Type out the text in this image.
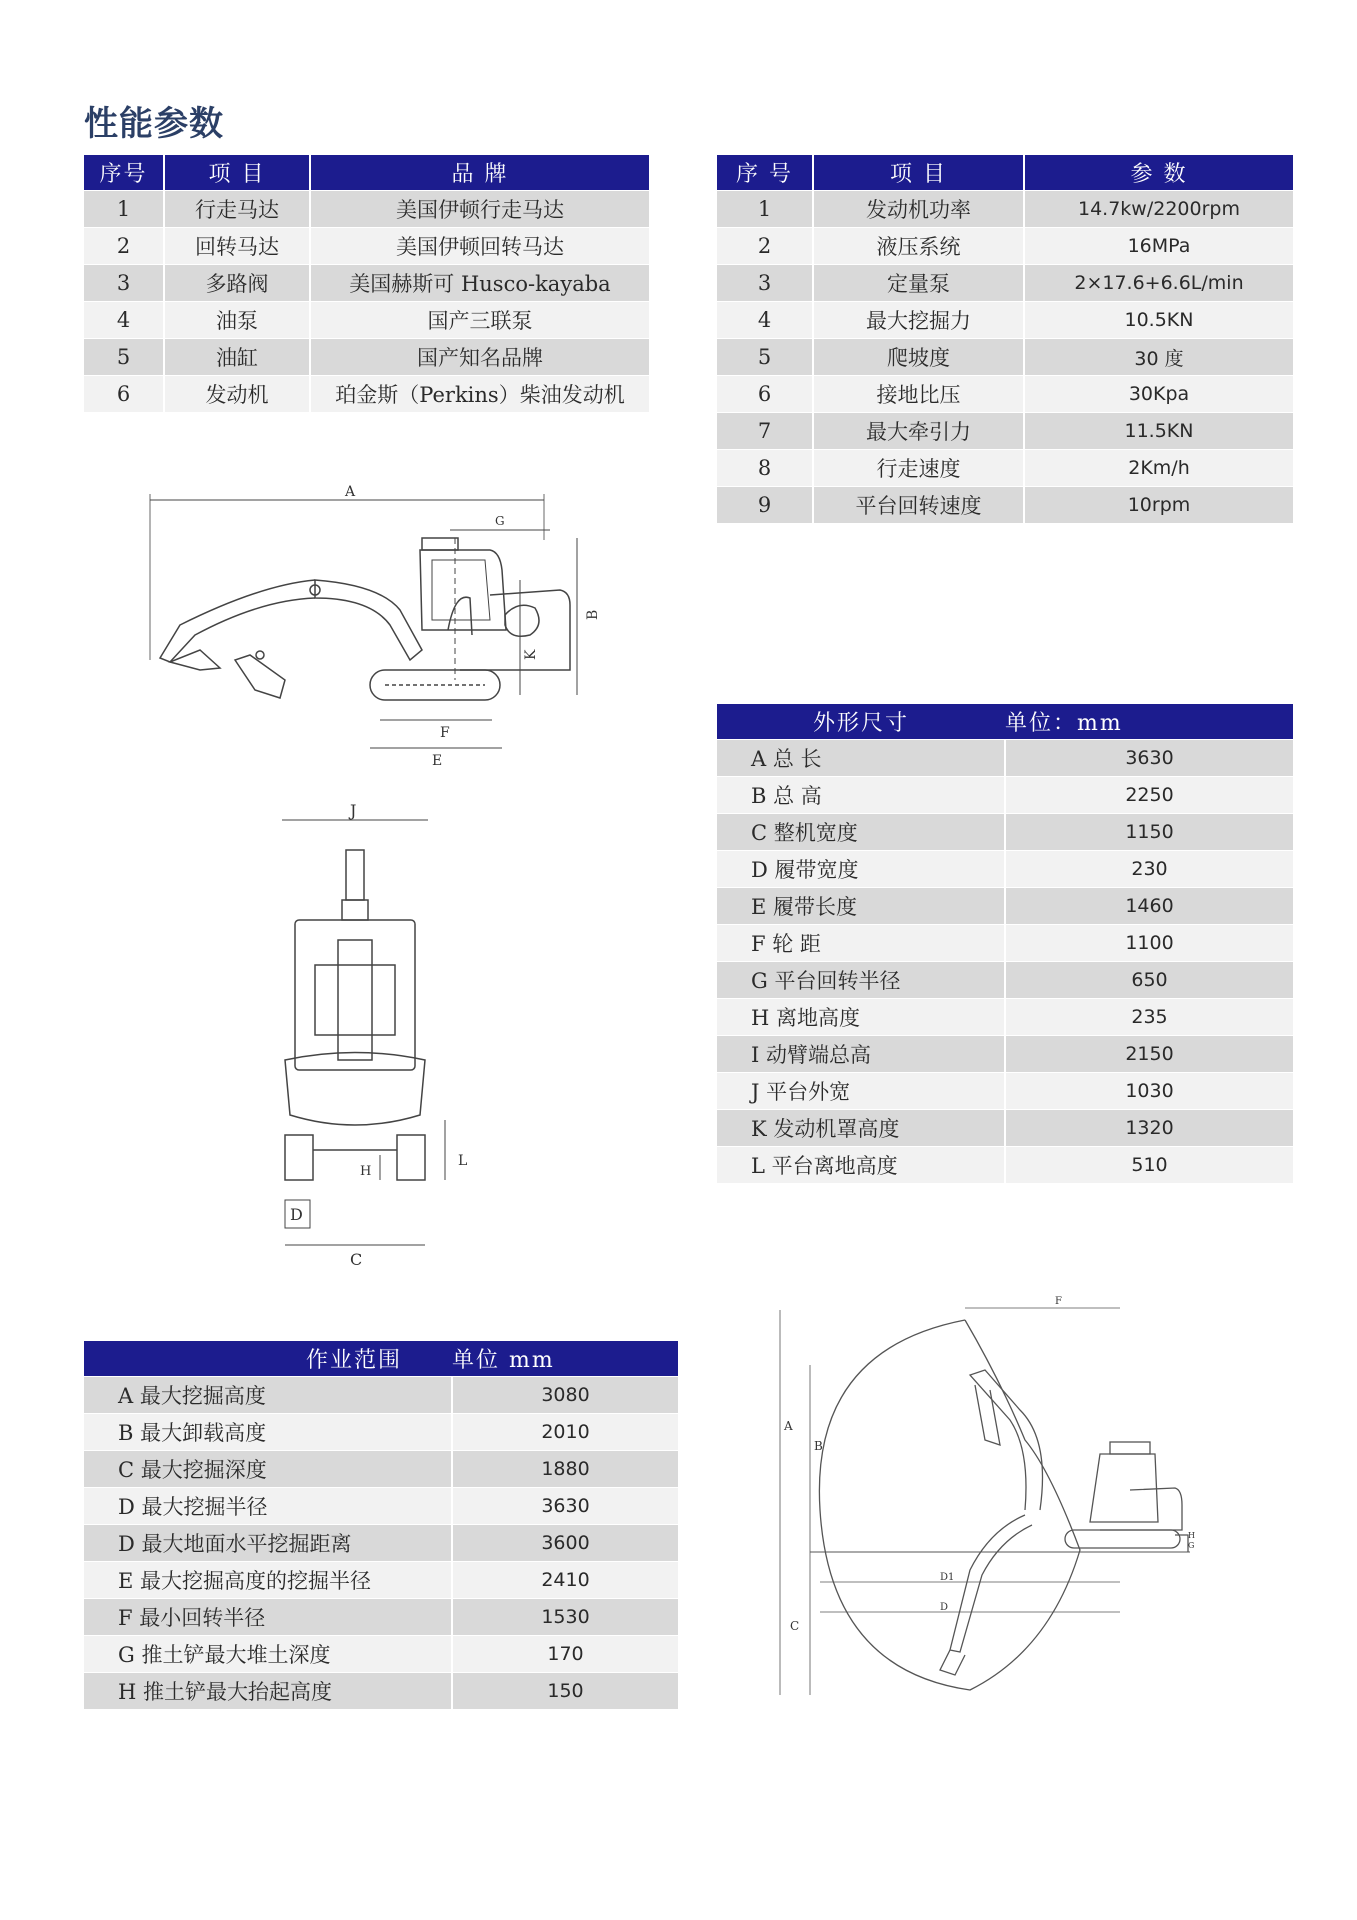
性能参数
序号	项 目	品 牌
1	行走马达	美国伊顿行走马达
2	回转马达	美国伊顿回转马达
3	多路阀	美国赫斯可 Husco-kayaba
4	油泵	国产三联泵
5	油缸	国产知名品牌
6	发动机	珀金斯（Perkins）柴油发动机
序 号	项 目	参 数
1	发动机功率	14.7kw/2200rpm
2	液压系统	16MPa
3	定量泵	2×17.6+6.6L/min
4	最大挖掘力	10.5KN
5	爬坡度	30 度
6	接地比压	30Kpa
7	最大牵引力	11.5KN
8	行走速度	2Km/h
9	平台回转速度	10rpm
外形尺寸	单位：mm
A 总 长	3630
B 总 高	2250
C 整机宽度	1150
D 履带宽度	230
E 履带长度	1460
F 轮 距	1100
G 平台回转半径	650
H 离地高度	235
I 动臂端总高	2150
J 平台外宽	1030
K 发动机罩高度	1320
L 平台离地高度	510
作业范围	单位 mm
A 最大挖掘高度	3080
B 最大卸载高度	2010
C 最大挖掘深度	1880
D 最大挖掘半径	3630
D 最大地面水平挖掘距离	3600
E 最大挖掘高度的挖掘半径	2410
F 最小回转半径	1530
G 推土铲最大堆土深度	170
H 推土铲最大抬起高度	150
A
G
K
B
F
E
J
L
H
D
C
A
B
C
F
D1
D
G
H
